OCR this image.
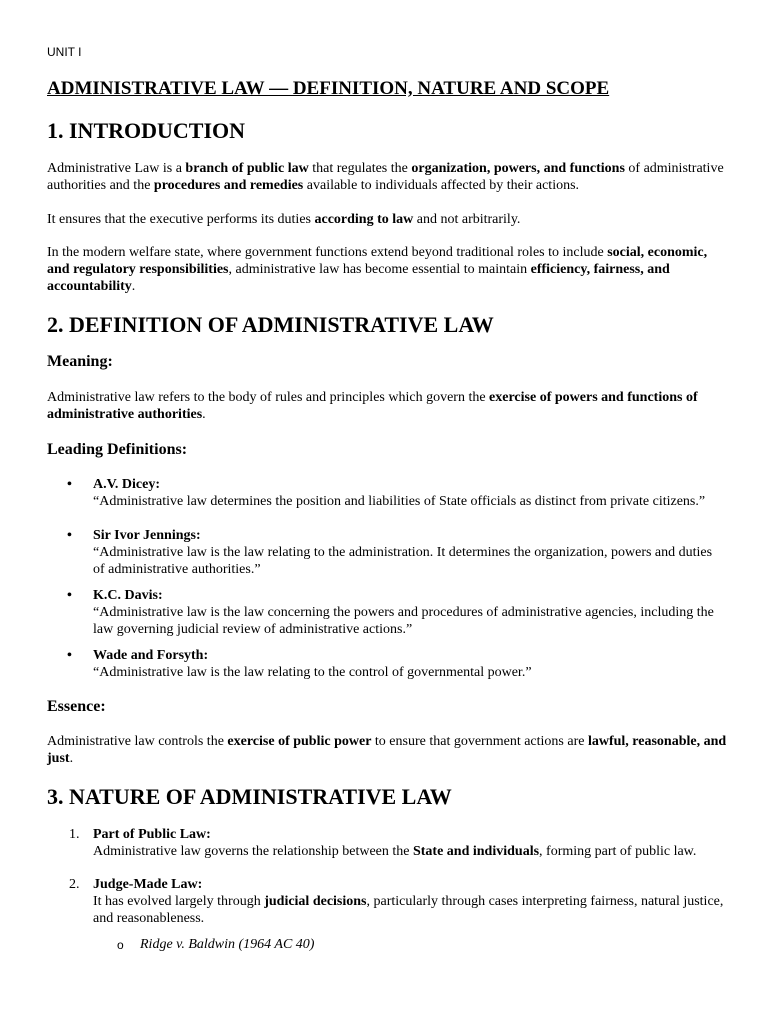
UNIT I

ADMINISTRATIVE LAW — DEFINITION, NATURE AND SCOPE
1. INTRODUCTION

Administrative Law is a branch of public law that regulates the organization, powers, and functions of administrative authorities and the procedures and remedies available to individuals affected by their actions.

It ensures that the executive performs its duties according to law and not arbitrarily.

In the modern welfare state, where government functions extend beyond traditional roles to include social, economic, and regulatory responsibilities, administrative law has become essential to maintain efficiency, fairness, and accountability.

2. DEFINITION OF ADMINISTRATIVE LAW
Meaning:

Administrative law refers to the body of rules and principles which govern the exercise of powers and functions of administrative authorities.

Leading Definitions:
• A.V. Dicey:
“Administrative law determines the position and liabilities of State officials as distinct from private citizens.”
• Sir Ivor Jennings:
“Administrative law is the law relating to the administration. It determines the organization, powers and duties of administrative authorities.”
• K.C. Davis:
“Administrative law is the law concerning the powers and procedures of administrative agencies, including the law governing judicial review of administrative actions.”
• Wade and Forsyth:
“Administrative law is the law relating to the control of governmental power.”
Essence:

Administrative law controls the exercise of public power to ensure that government actions are lawful, reasonable, and just.

3. NATURE OF ADMINISTRATIVE LAW
1. Part of Public Law:
Administrative law governs the relationship between the State and individuals, forming part of public law.
2. Judge-Made Law:
It has evolved largely through judicial decisions, particularly through cases interpreting fairness, natural justice, and reasonableness.
o Ridge v. Baldwin (1964 AC 40)
